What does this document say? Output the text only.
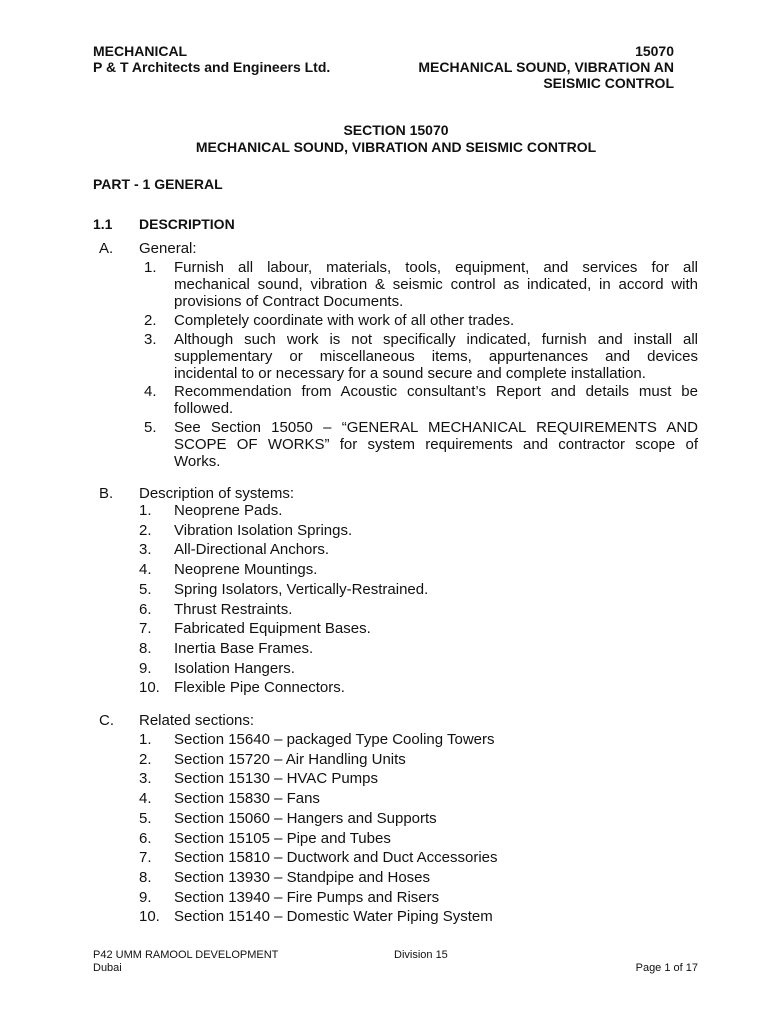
MECHANICAL
P & T Architects and Engineers Ltd.
15070
MECHANICAL SOUND, VIBRATION AN
SEISMIC CONTROL
SECTION 15070
MECHANICAL SOUND, VIBRATION AND SEISMIC CONTROL
PART - 1 GENERAL
1.1 DESCRIPTION
A. General:
1. Furnish all labour, materials, tools, equipment, and services for all
mechanical sound, vibration & seismic control as indicated, in accord with
provisions of Contract Documents.
2. Completely coordinate with work of all other trades.
3. Although such work is not specifically indicated, furnish and install all
supplementary or miscellaneous items, appurtenances and devices
incidental to or necessary for a sound secure and complete installation.
4. Recommendation from Acoustic consultant’s Report and details must be
followed.
5. See Section 15050 – “GENERAL MECHANICAL REQUIREMENTS AND
SCOPE OF WORKS” for system requirements and contractor scope of
Works.
B. Description of systems:
1. Neoprene Pads.
2. Vibration Isolation Springs.
3. All-Directional Anchors.
4. Neoprene Mountings.
5. Spring Isolators, Vertically-Restrained.
6. Thrust Restraints.
7. Fabricated Equipment Bases.
8. Inertia Base Frames.
9. Isolation Hangers.
10. Flexible Pipe Connectors.
C. Related sections:
1. Section 15640 – packaged Type Cooling Towers
2. Section 15720 – Air Handling Units
3. Section 15130 – HVAC Pumps
4. Section 15830 – Fans
5. Section 15060 – Hangers and Supports
6. Section 15105 – Pipe and Tubes
7. Section 15810 – Ductwork and Duct Accessories
8. Section 13930 – Standpipe and Hoses
9. Section 13940 – Fire Pumps and Risers
10. Section 15140 – Domestic Water Piping System
P42 UMM RAMOOL DEVELOPMENT
Dubai
Division 15
Page 1 of 17
